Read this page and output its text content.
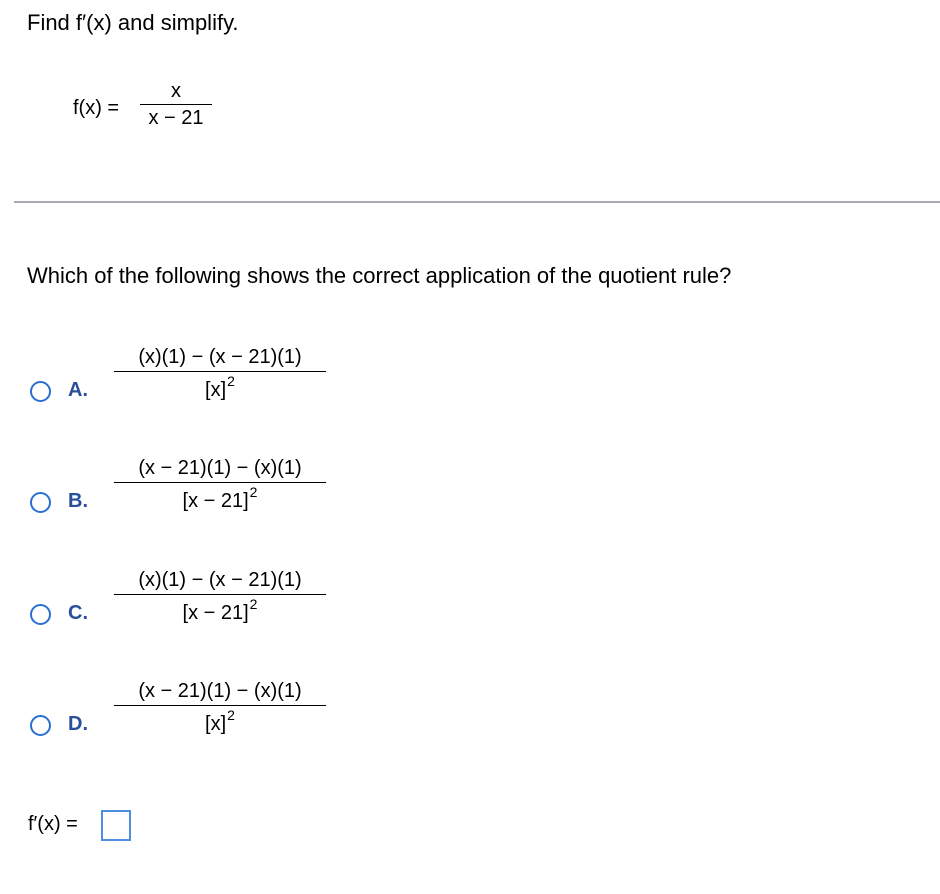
Find f′(x) and simplify.
f(x) =
x
x − 21
Which of the following shows the correct application of the quotient rule?
A.
(x)(1) − (x − 21)(1)
$[x]^2$
B.
(x − 21)(1) − (x)(1)
$[x - 21]^2$
C.
(x)(1) − (x − 21)(1)
$[x - 21]^2$
D.
(x − 21)(1) − (x)(1)
$[x]^2$
f′(x) =
